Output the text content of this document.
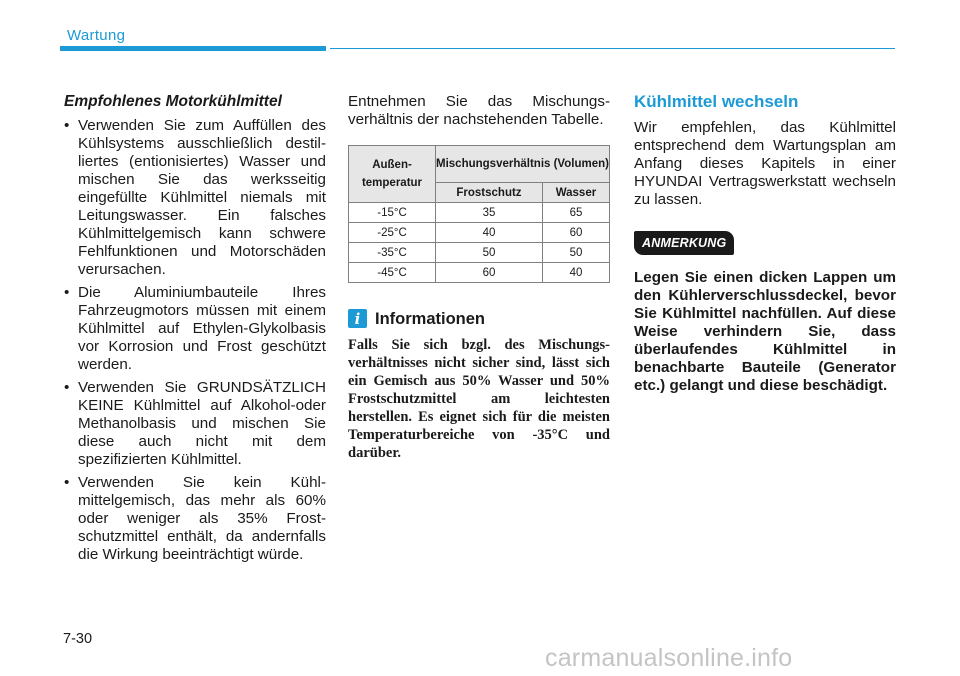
Wartung
Empfohlenes Motorkühlmittel
• Verwenden Sie zum Auffüllen des Kühlsystems ausschließlich destilliertes (entionisiertes) Wasser und mischen Sie das werksseitig eingefüllte Kühlmittel niemals mit Leitungswasser. Ein falsches Kühlmittelgemisch kann schwere Fehlfunktionen und Motorschäden verursachen.
• Die Aluminiumbauteile Ihres Fahrzeugmotors müssen mit einem Kühlmittel auf Ethylen-Glykolbasis vor Korrosion und Frost geschützt werden.
• Verwenden Sie GRUNDSÄTZLICH KEINE Kühlmittel auf Alkohol-oder Methanolbasis und mischen Sie diese auch nicht mit dem spezifizierten Kühlmittel.
• Verwenden Sie kein Kühlmittelgemisch, das mehr als 60% oder weniger als 35% Frostschutzmittel enthält, da andernfalls die Wirkung beeinträchtigt würde.

Entnehmen Sie das Mischungsverhältnis der nachstehenden Tabelle.

Außen-temperatur	Mischungsverhältnis (Volumen)	
	Frostschutz	Wasser
-15°C	35	65
-25°C	40	60
-35°C	50	50
-45°C	60	40
i Informationen

Falls Sie sich bzgl. des Mischungsverhältnisses nicht sicher sind, lässt sich ein Gemisch aus 50% Wasser und 50% Frostschutzmittel am leichtesten herstellen. Es eignet sich für die meisten Temperaturbereiche von -35°C und darüber.

Kühlmittel wechseln

Wir empfehlen, das Kühlmittel entsprechend dem Wartungsplan am Anfang dieses Kapitels in einer HYUNDAI Vertragswerkstatt wechseln zu lassen.

ANMERKUNG

Legen Sie einen dicken Lappen um den Kühlerverschlussdeckel, bevor Sie Kühlmittel nachfüllen. Auf diese Weise verhindern Sie, dass überlaufendes Kühlmittel in benachbarte Bauteile (Generator etc.) gelangt und diese beschädigt.

7-30
carmanualsonline.info
